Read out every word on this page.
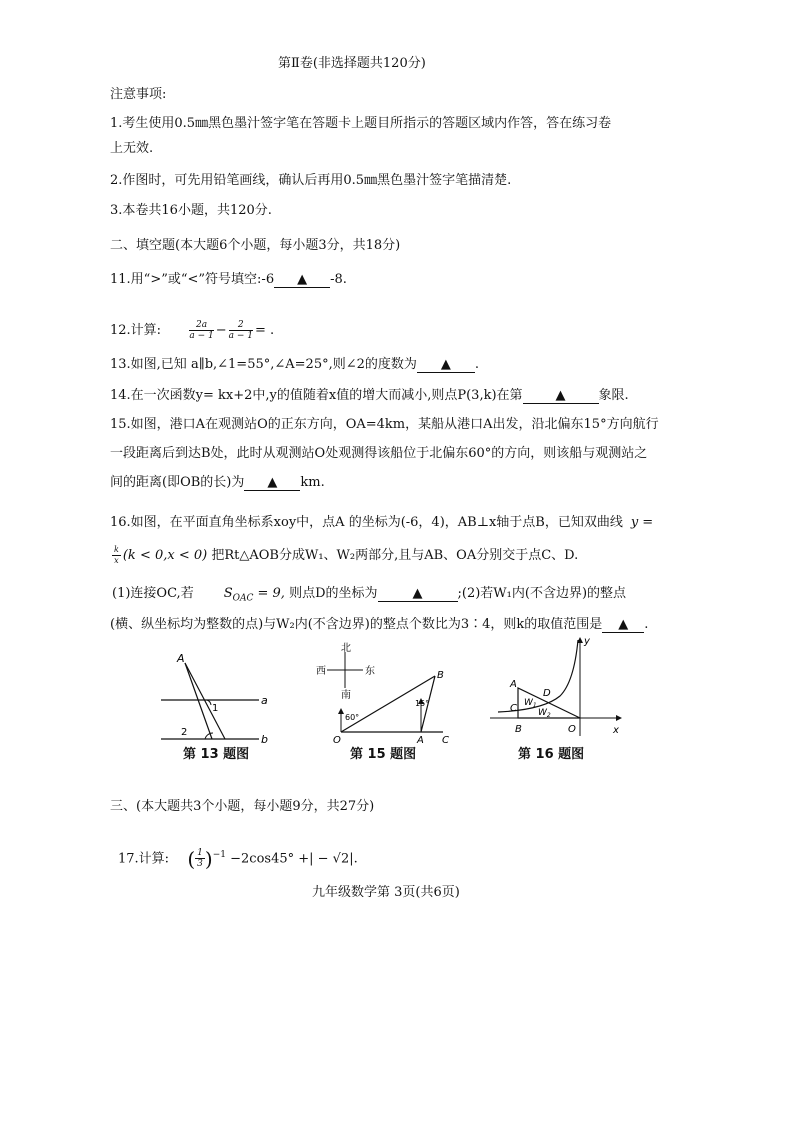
第Ⅱ卷(非选择题共120分)
注意事项:
1.考生使用0.5㎜黑色墨汁签字笔在答题卡上题目所指示的答题区域内作答，答在练习卷
上无效.
2.作图时，可先用铅笔画线，确认后再用0.5㎜黑色墨汁签字笔描清楚.
3.本卷共16小题，共120分.
二、填空题(本大题6个小题，每小题3分，共18分)
11.用“>”或“<”符号填空:-6 ▲ -8.
12.计算:	$\frac{2a}{a - 1} - \frac{2}{a - 1}$ = .
13.如图,已知 a∥b,∠1=55°,∠A=25°,则∠2的度数为 ▲ .
14.在一次函数y= kx+2中,y的值随着x值的增大而减小,则点P(3,k)在第	▲	象限.
15.如图，港口A在观测站O的正东方向，OA=4km，某船从港口A出发，沿北偏东15°方向航行
一段距离后到达B处，此时从观测站O处观测得该船位于北偏东60°的方向，则该船与观测站之
间的距离(即OB的长)为 ▲ km.
16.如图，在平面直角坐标系xoy中，点A 的坐标为(-6，4)，AB⊥x轴于点B，已知双曲线 y =
$\frac{k}{x} (k < 0,x < 0)$ 把Rt△AOB分成W₁、W₂两部分,且与AB、OA分别交于点C、D.
(1)连接OC,若 $S_{OAC} = 9$, 则点D的坐标为	▲	;(2)若W₁内(不含边界)的整点
(横、纵坐标均为整数的点)与W₂内(不含边界)的整点个数比为3∶4，则k的取值范围是 ▲ .
A
a
b
1
2
第 13 题图
北
南
西	东
60°
15°
B
O	A C
第 15 题图
y
x
A
D
C $W_1$
$W_2$
B	O
第 16 题图
三、(本大题共3个小题，每小题9分，共27分)
17.计算: ( $\frac{1}{3} )^{-1} -2\cos 45^\circ$ +| − √2|.
九年级数学第 3页(共6页)
